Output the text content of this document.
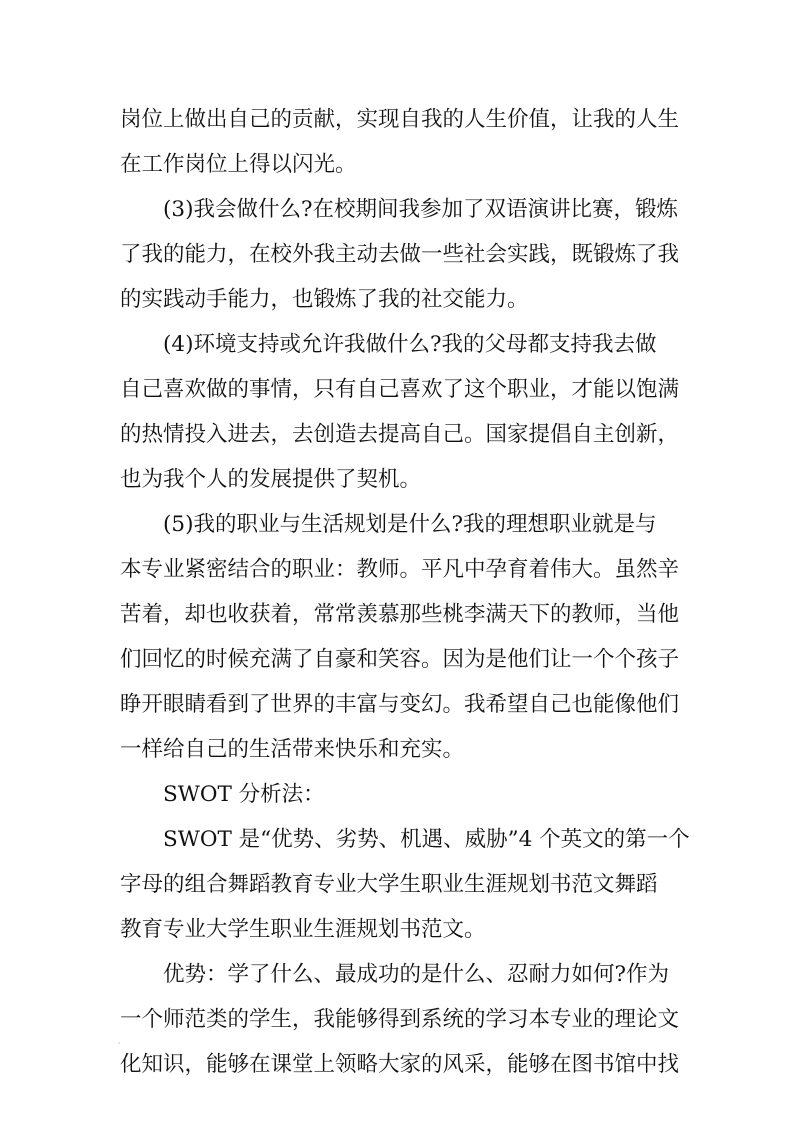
岗位上做出自己的贡献，实现自我的人生价值，让我的人生
在工作岗位上得以闪光。
(3)我会做什么?在校期间我参加了双语演讲比赛，锻炼
了我的能力，在校外我主动去做一些社会实践，既锻炼了我
的实践动手能力，也锻炼了我的社交能力。
(4)环境支持或允许我做什么?我的父母都支持我去做
自己喜欢做的事情，只有自己喜欢了这个职业，才能以饱满
的热情投入进去，去创造去提高自己。国家提倡自主创新，
也为我个人的发展提供了契机。
(5)我的职业与生活规划是什么?我的理想职业就是与
本专业紧密结合的职业：教师。平凡中孕育着伟大。虽然辛
苦着，却也收获着，常常羡慕那些桃李满天下的教师，当他
们回忆的时候充满了自豪和笑容。因为是他们让一个个孩子
睁开眼睛看到了世界的丰富与变幻。我希望自己也能像他们
一样给自己的生活带来快乐和充实。
SWOT 分析法：
SWOT 是“优势、劣势、机遇、威胁”4 个英文的第一个
字母的组合舞蹈教育专业大学生职业生涯规划书范文舞蹈
教育专业大学生职业生涯规划书范文。
优势：学了什么、最成功的是什么、忍耐力如何?作为
一个师范类的学生，我能够得到系统的学习本专业的理论文
化知识，能够在课堂上领略大家的风采，能够在图书馆中找
